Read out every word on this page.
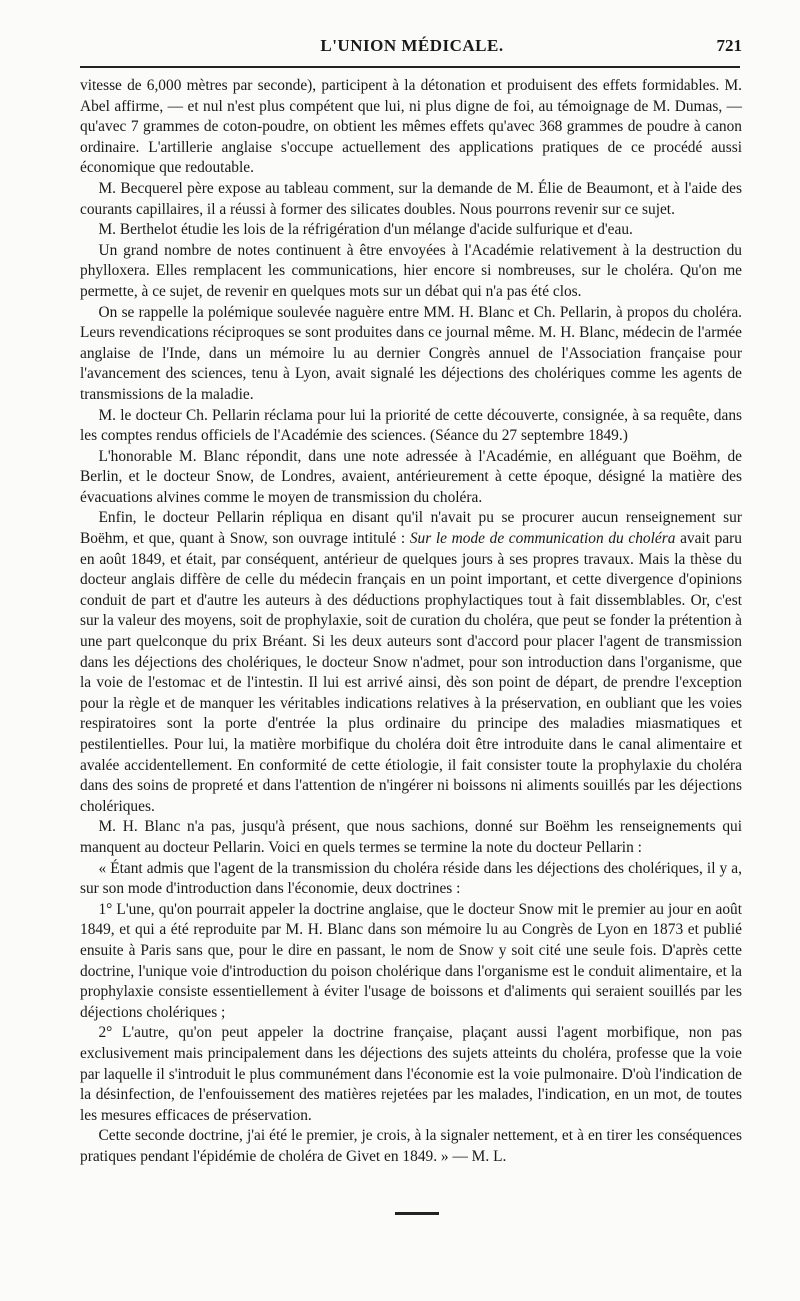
L'UNION MÉDICALE.	721

vitesse de 6,000 mètres par seconde), participent à la détonation et produisent des effets formidables. M. Abel affirme, — et nul n'est plus compétent que lui, ni plus digne de foi, au témoignage de M. Dumas, — qu'avec 7 grammes de coton-poudre, on obtient les mêmes effets qu'avec 368 grammes de poudre à canon ordinaire. L'artillerie anglaise s'occupe actuellement des applications pratiques de ce procédé aussi économique que redoutable.

M. Becquerel père expose au tableau comment, sur la demande de M. Élie de Beaumont, et à l'aide des courants capillaires, il a réussi à former des silicates doubles. Nous pourrons revenir sur ce sujet.

M. Berthelot étudie les lois de la réfrigération d'un mélange d'acide sulfurique et d'eau.

Un grand nombre de notes continuent à être envoyées à l'Académie relativement à la destruction du phylloxera. Elles remplacent les communications, hier encore si nombreuses, sur le choléra. Qu'on me permette, à ce sujet, de revenir en quelques mots sur un débat qui n'a pas été clos.

On se rappelle la polémique soulevée naguère entre MM. H. Blanc et Ch. Pellarin, à propos du choléra. Leurs revendications réciproques se sont produites dans ce journal même. M. H. Blanc, médecin de l'armée anglaise de l'Inde, dans un mémoire lu au dernier Congrès annuel de l'Association française pour l'avancement des sciences, tenu à Lyon, avait signalé les déjections des cholériques comme les agents de transmissions de la maladie.

M. le docteur Ch. Pellarin réclama pour lui la priorité de cette découverte, consignée, à sa requête, dans les comptes rendus officiels de l'Académie des sciences. (Séance du 27 septembre 1849.)

L'honorable M. Blanc répondit, dans une note adressée à l'Académie, en alléguant que Boëhm, de Berlin, et le docteur Snow, de Londres, avaient, antérieurement à cette époque, désigné la matière des évacuations alvines comme le moyen de transmission du choléra.

Enfin, le docteur Pellarin répliqua en disant qu'il n'avait pu se procurer aucun renseignement sur Boëhm, et que, quant à Snow, son ouvrage intitulé : Sur le mode de communication du choléra avait paru en août 1849, et était, par conséquent, antérieur de quelques jours à ses propres travaux. Mais la thèse du docteur anglais diffère de celle du médecin français en un point important, et cette divergence d'opinions conduit de part et d'autre les auteurs à des déductions prophylactiques tout à fait dissemblables. Or, c'est sur la valeur des moyens, soit de prophylaxie, soit de curation du choléra, que peut se fonder la prétention à une part quelconque du prix Bréant. Si les deux auteurs sont d'accord pour placer l'agent de transmission dans les déjections des cholériques, le docteur Snow n'admet, pour son introduction dans l'organisme, que la voie de l'estomac et de l'intestin. Il lui est arrivé ainsi, dès son point de départ, de prendre l'exception pour la règle et de manquer les véritables indications relatives à la préservation, en oubliant que les voies respiratoires sont la porte d'entrée la plus ordinaire du principe des maladies miasmatiques et pestilentielles. Pour lui, la matière morbifique du choléra doit être introduite dans le canal alimentaire et avalée accidentellement. En conformité de cette étiologie, il fait consister toute la prophylaxie du choléra dans des soins de propreté et dans l'attention de n'ingérer ni boissons ni aliments souillés par les déjections cholériques.

M. H. Blanc n'a pas, jusqu'à présent, que nous sachions, donné sur Boëhm les renseignements qui manquent au docteur Pellarin. Voici en quels termes se termine la note du docteur Pellarin :

« Étant admis que l'agent de la transmission du choléra réside dans les déjections des cholériques, il y a, sur son mode d'introduction dans l'économie, deux doctrines :

1° L'une, qu'on pourrait appeler la doctrine anglaise, que le docteur Snow mit le premier au jour en août 1849, et qui a été reproduite par M. H. Blanc dans son mémoire lu au Congrès de Lyon en 1873 et publié ensuite à Paris sans que, pour le dire en passant, le nom de Snow y soit cité une seule fois. D'après cette doctrine, l'unique voie d'introduction du poison cholérique dans l'organisme est le conduit alimentaire, et la prophylaxie consiste essentiellement à éviter l'usage de boissons et d'aliments qui seraient souillés par les déjections cholériques ;

2° L'autre, qu'on peut appeler la doctrine française, plaçant aussi l'agent morbifique, non pas exclusivement mais principalement dans les déjections des sujets atteints du choléra, professe que la voie par laquelle il s'introduit le plus communément dans l'économie est la voie pulmonaire. D'où l'indication de la désinfection, de l'enfouissement des matières rejetées par les malades, l'indication, en un mot, de toutes les mesures efficaces de préservation.

Cette seconde doctrine, j'ai été le premier, je crois, à la signaler nettement, et à en tirer les conséquences pratiques pendant l'épidémie de choléra de Givet en 1849. » — M. L.
